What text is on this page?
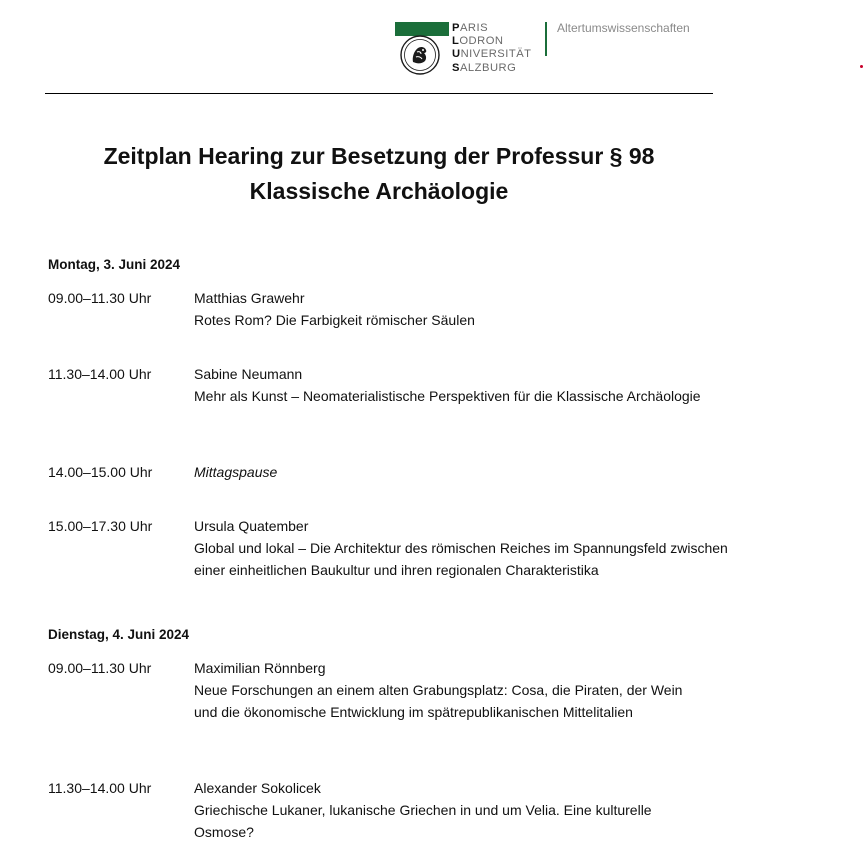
PARIS
LODRON
UNIVERSITÄT
SALZBURG
Altertumswissenschaften
Zeitplan Hearing zur Besetzung der Professur § 98
Klassische Archäologie
Montag, 3. Juni 2024
09.00–11.30 Uhr	Matthias Grawehr
Rotes Rom? Die Farbigkeit römischer Säulen
11.30–14.00 Uhr	Sabine Neumann
Mehr als Kunst – Neomaterialistische Perspektiven für die Klassische Archäologie
14.00–15.00 Uhr	Mittagspause
15.00–17.30 Uhr	Ursula Quatember
Global und lokal – Die Architektur des römischen Reiches im Spannungsfeld zwischen einer einheitlichen Baukultur und ihren regionalen Charakteristika
Dienstag, 4. Juni 2024
09.00–11.30 Uhr	Maximilian Rönnberg
Neue Forschungen an einem alten Grabungsplatz: Cosa, die Piraten, der Wein und die ökonomische Entwicklung im spätrepublikanischen Mittelitalien
11.30–14.00 Uhr	Alexander Sokolicek
Griechische Lukaner, lukanische Griechen in und um Velia. Eine kulturelle Osmose?
